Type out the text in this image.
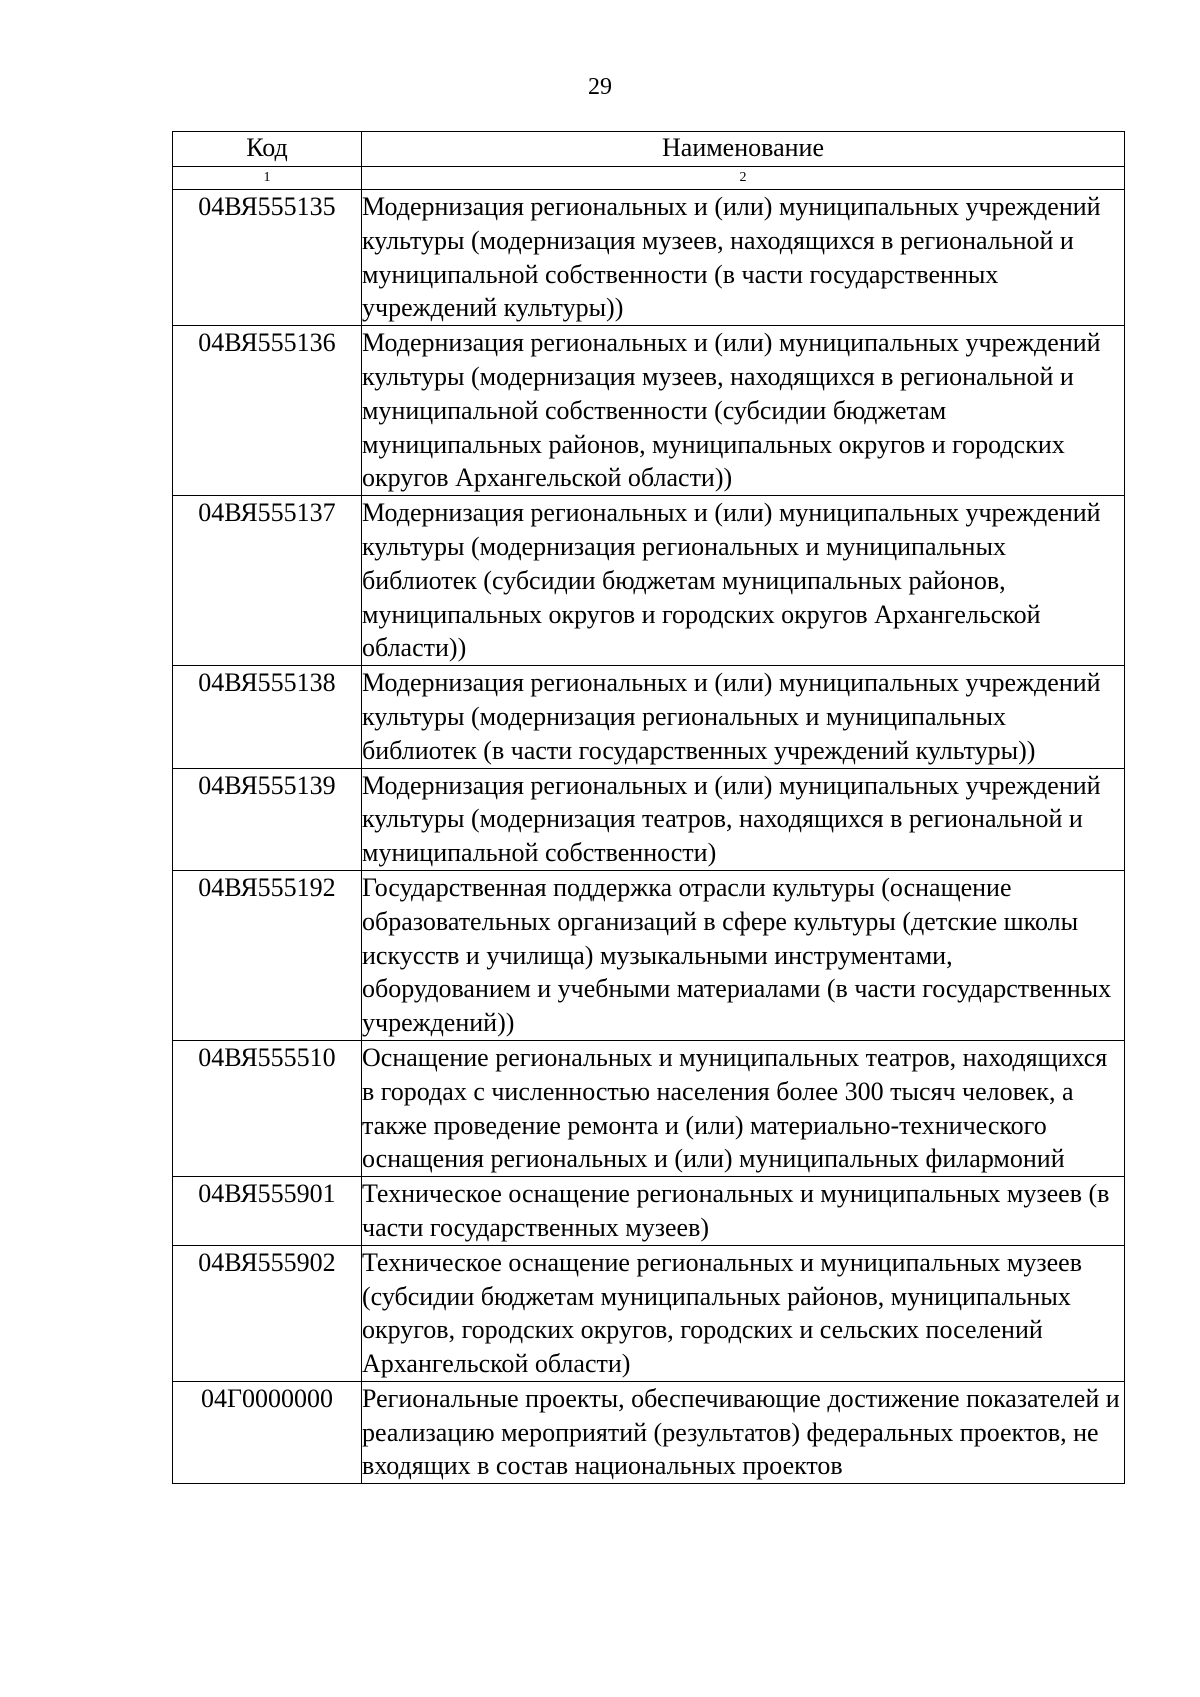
29
Код	Наименование
1	2
04ВЯ555135	Модернизация региональных и (или) муниципальных учреждений культуры (модернизация музеев, находящихся в региональной и муниципальной собственности (в части государственных учреждений культуры))
04ВЯ555136	Модернизация региональных и (или) муниципальных учреждений культуры (модернизация музеев, находящихся в региональной и муниципальной собственности (субсидии бюджетам муниципальных районов, муниципальных округов и городских округов Архангельской области))
04ВЯ555137	Модернизация региональных и (или) муниципальных учреждений культуры (модернизация региональных и муниципальных библиотек (субсидии бюджетам муниципальных районов, муниципальных округов и городских округов Архангельской области))
04ВЯ555138	Модернизация региональных и (или) муниципальных учреждений культуры (модернизация региональных и муниципальных библиотек (в части государственных учреждений культуры))
04ВЯ555139	Модернизация региональных и (или) муниципальных учреждений культуры (модернизация театров, находящихся в региональной и муниципальной собственности)
04ВЯ555192	Государственная поддержка отрасли культуры (оснащение образовательных организаций в сфере культуры (детские школы искусств и училища) музыкальными инструментами, оборудованием и учебными материалами (в части государственных учреждений))
04ВЯ555510	Оснащение региональных и муниципальных театров, находящихся в городах с численностью населения более 300 тысяч человек, а также проведение ремонта и (или) материально-технического оснащения региональных и (или) муниципальных филармоний
04ВЯ555901	Техническое оснащение региональных и муниципальных музеев (в части государственных музеев)
04ВЯ555902	Техническое оснащение региональных и муниципальных музеев (субсидии бюджетам муниципальных районов, муниципальных округов, городских округов, городских и сельских поселений Архангельской области)
04Г0000000	Региональные проекты, обеспечивающие достижение показателей и реализацию мероприятий (результатов) федеральных проектов, не входящих в состав национальных проектов
